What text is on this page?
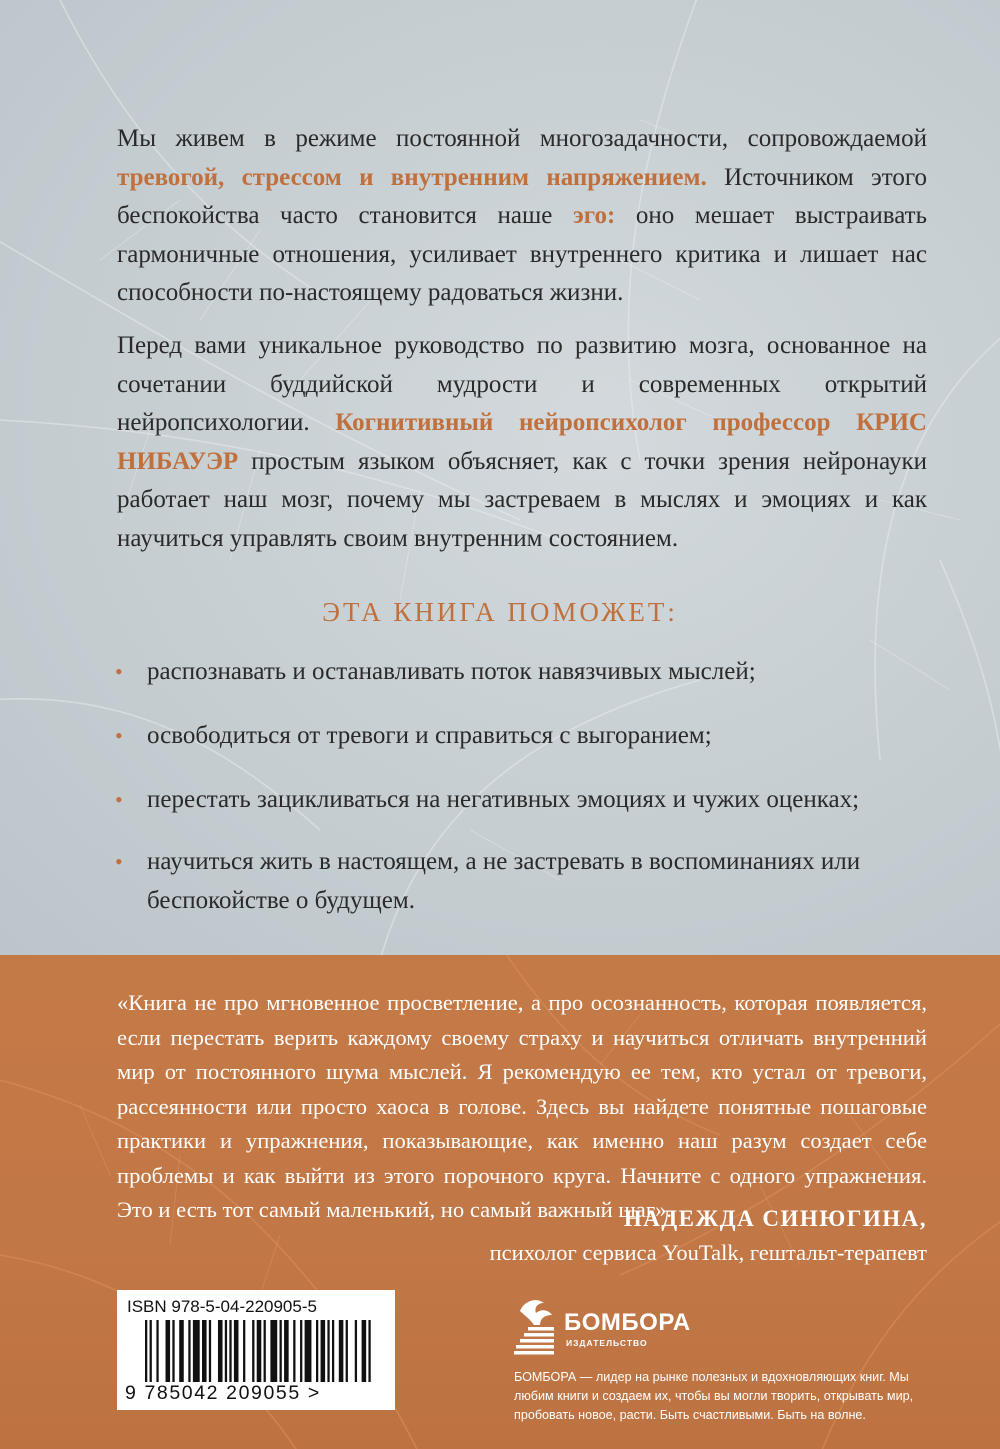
Мы живем в режиме постоянной многозадачности, сопровождаемой тревогой, стрессом и внутренним напряжением. Источником этого беспокойства часто становится наше эго: оно мешает выстраивать гармоничные отношения, усиливает внутреннего критика и лишает нас способности по-настоящему радоваться жизни.
Перед вами уникальное руководство по развитию мозга, основанное на сочетании буддийской мудрости и современных открытий нейропсихологии. Когнитивный нейропсихолог профессор КРИС НИБАУЭР простым языком объясняет, как с точки зрения нейронауки работает наш мозг, почему мы застреваем в мыслях и эмоциях и как научиться управлять своим внутренним состоянием.
ЭТА КНИГА ПОМОЖЕТ:
• распознавать и останавливать поток навязчивых мыслей;
• освободиться от тревоги и справиться с выгоранием;
• перестать зацикливаться на негативных эмоциях и чужих оценках;
• научиться жить в настоящем, а не застревать в воспоминаниях или беспокойстве о будущем.
«Книга не про мгновенное просветление, а про осознанность, которая появляется, если перестать верить каждому своему страху и научиться отличать внутренний мир от постоянного шума мыслей. Я рекомендую ее тем, кто устал от тревоги, рассеянности или просто хаоса в голове. Здесь вы найдете понятные пошаговые практики и упражнения, показывающие, как именно наш разум создает себе проблемы и как выйти из этого порочного круга. Начните с одного упражнения. Это и есть тот самый маленький, но самый важный шаг».
НАДЕЖДА СИНЮГИНА,
психолог сервиса YouTalk, гештальт-терапевт
ISBN 978-5-04-220905-5
9 785042 209055 >
БОМБОРА
ИЗДАТЕЛЬСТВО
БОМБОРА — лидер на рынке полезных и вдохновляющих книг. Мы любим книги и создаем их, чтобы вы могли творить, открывать мир, пробовать новое, расти. Быть счастливыми. Быть на волне.
